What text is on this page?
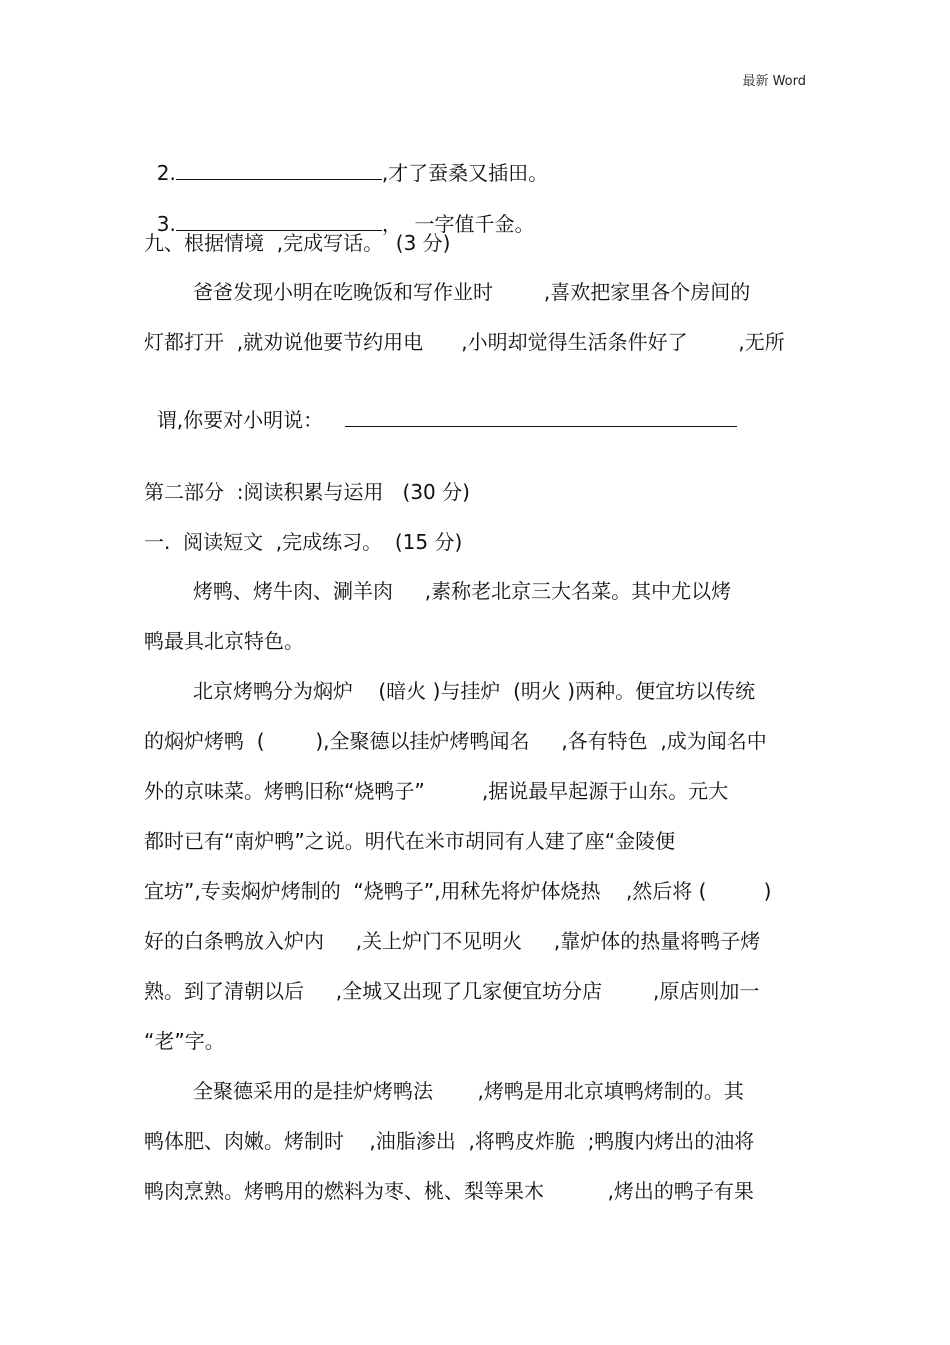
最新 Word

2.	,才了蚕桑又插田。

3.	，  一字值千金。

九、根据情境  ,完成写话。  (3 分)
爸爸发现小明在吃晚饭和写作业时        ,喜欢把家里各个房间的
灯都打开  ,就劝说他要节约用电      ,小明却觉得生活条件好了        ,无所

谓,你要对小明说：

第二部分  :阅读积累与运用   (30 分)
一.  阅读短文  ,完成练习。  (15 分)
烤鸭、烤牛肉、涮羊肉     ,素称老北京三大名菜。其中尤以烤
鸭最具北京特色。
北京烤鸭分为焖炉    (暗火 )与挂炉  (明火 )两种。便宜坊以传统
的焖炉烤鸭  (        ),全聚德以挂炉烤鸭闻名     ,各有特色  ,成为闻名中
外的京味菜。烤鸭旧称“烧鸭子”         ,据说最早起源于山东。元大
都时已有“南炉鸭”之说。明代在米市胡同有人建了座“金陵便
宜坊”,专卖焖炉烤制的  “烧鸭子”,用秫先将炉体烧热    ,然后将 (         )
好的白条鸭放入炉内     ,关上炉门不见明火     ,靠炉体的热量将鸭子烤
熟。到了清朝以后     ,全城又出现了几家便宜坊分店        ,原店则加一
“老”字。
全聚德采用的是挂炉烤鸭法       ,烤鸭是用北京填鸭烤制的。其
鸭体肥、肉嫩。烤制时    ,油脂渗出  ,将鸭皮炸脆  ;鸭腹内烤出的油将
鸭肉烹熟。烤鸭用的燃料为枣、桃、梨等果木          ,烤出的鸭子有果
